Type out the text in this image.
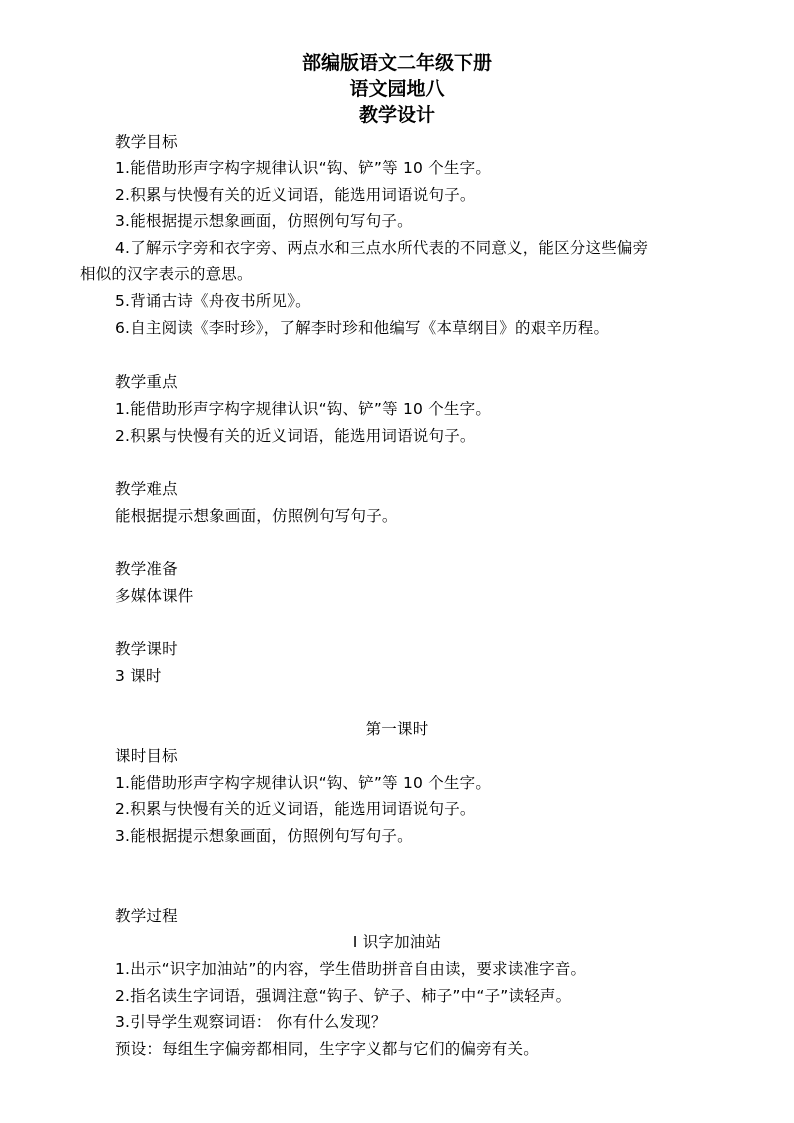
部编版语文二年级下册
语文园地八
教学设计
教学目标
1.能借助形声字构字规律认识“钩、铲”等 10 个生字。
2.积累与快慢有关的近义词语，能选用词语说句子。
3.能根据提示想象画面，仿照例句写句子。
4.了解示字旁和衣字旁、两点水和三点水所代表的不同意义，能区分这些偏旁
相似的汉字表示的意思。
5.背诵古诗《舟夜书所见》。
6.自主阅读《李时珍》，了解李时珍和他编写《本草纲目》的艰辛历程。
教学重点
1.能借助形声字构字规律认识“钩、铲”等 10 个生字。
2.积累与快慢有关的近义词语，能选用词语说句子。
教学难点
能根据提示想象画面，仿照例句写句子。
教学准备
多媒体课件
教学课时
3 课时
第一课时
课时目标
1.能借助形声字构字规律认识“钩、铲”等 10 个生字。
2.积累与快慢有关的近义词语，能选用词语说句子。
3.能根据提示想象画面，仿照例句写句子。
教学过程
Ⅰ 识字加油站
1.出示“识字加油站”的内容，学生借助拼音自由读，要求读准字音。
2.指名读生字词语，强调注意“钩子、铲子、柿子”中“子”读轻声。
3.引导学生观察词语： 你有什么发现？
预设：每组生字偏旁都相同，生字字义都与它们的偏旁有关。
